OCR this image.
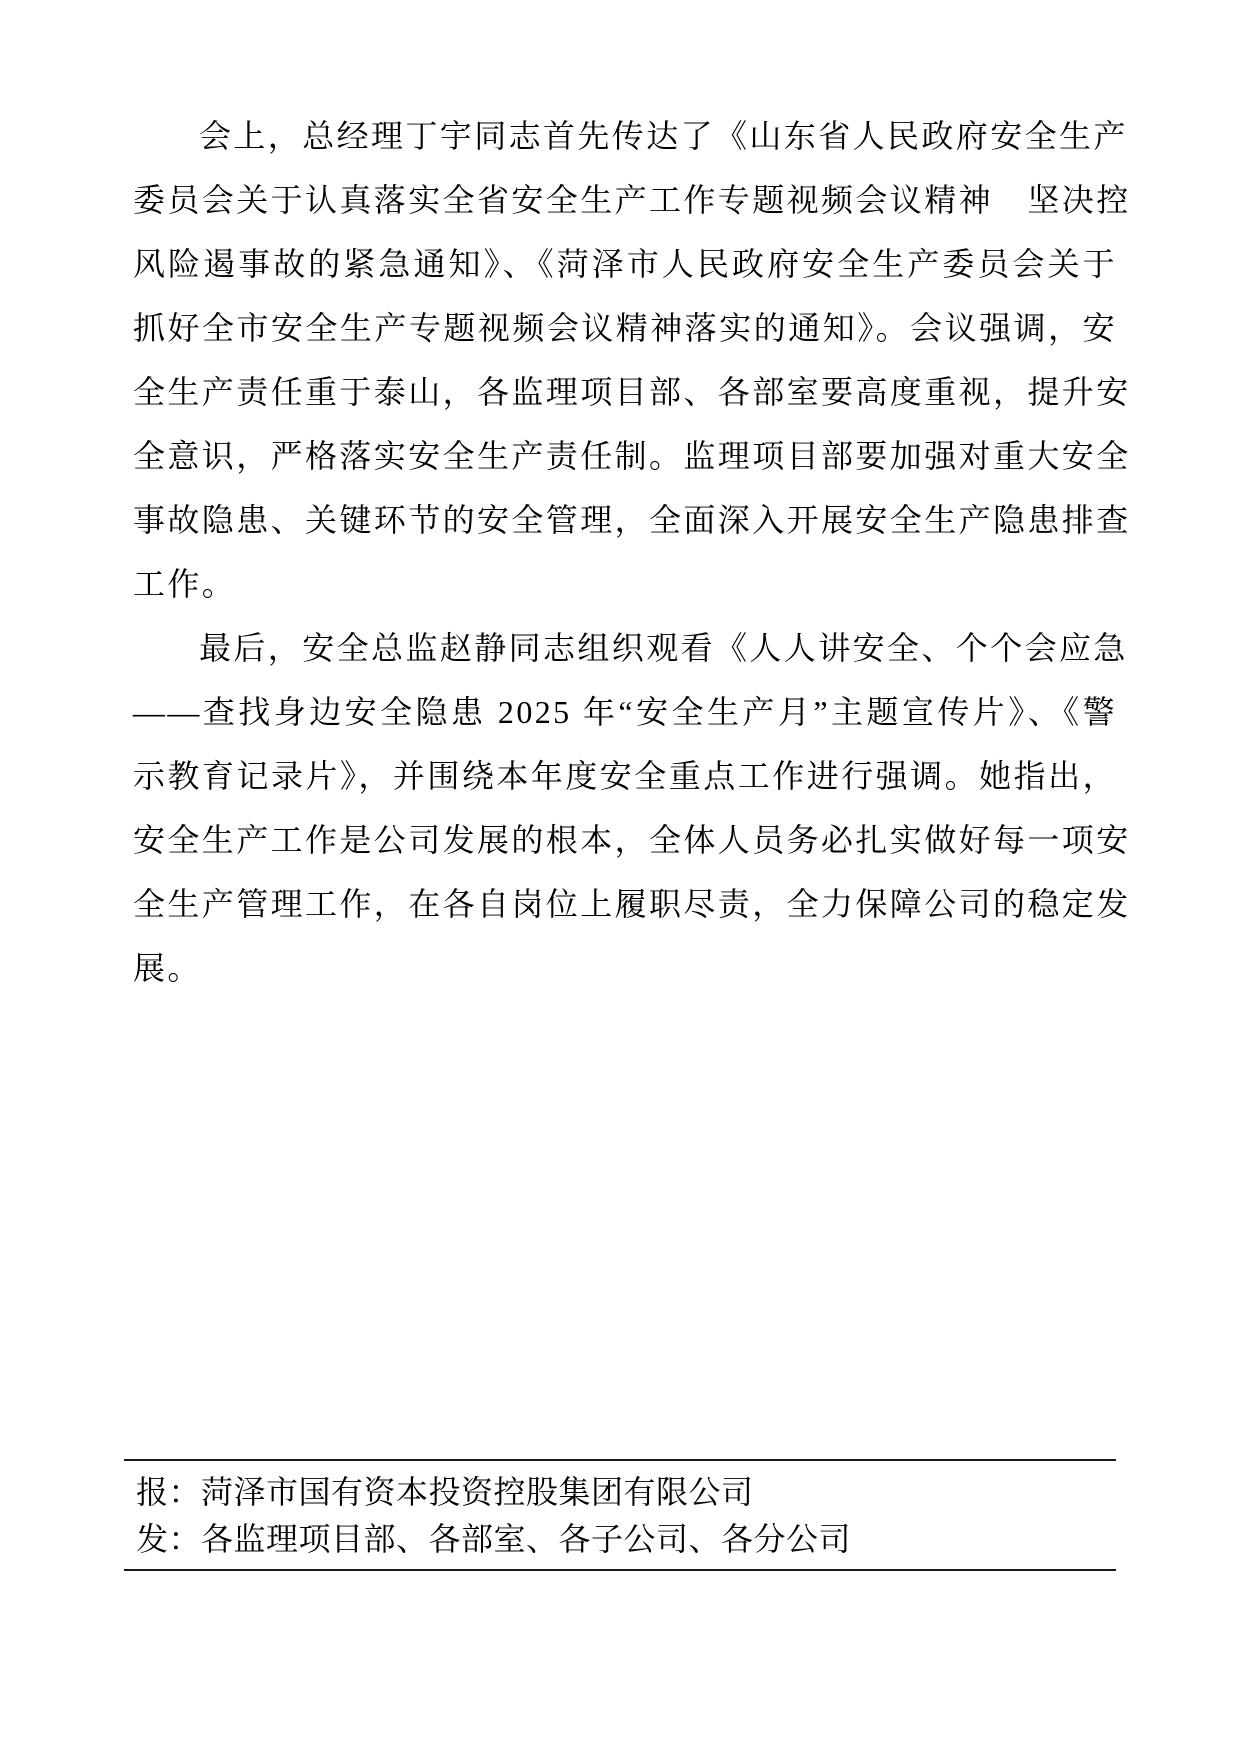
会上，总经理丁宇同志首先传达了《山东省人民政府安全生产
委员会关于认真落实全省安全生产工作专题视频会议精神　坚决控
风险遏事故的紧急通知》、《菏泽市人民政府安全生产委员会关于
抓好全市安全生产专题视频会议精神落实的通知》。会议强调，安
全生产责任重于泰山，各监理项目部、各部室要高度重视，提升安
全意识，严格落实安全生产责任制。监理项目部要加强对重大安全
事故隐患、关键环节的安全管理，全面深入开展安全生产隐患排查
工作。
最后，安全总监赵静同志组织观看《人人讲安全、个个会应急
——查找身边安全隐患 2025 年“安全生产月”主题宣传片》、《警
示教育记录片》，并围绕本年度安全重点工作进行强调。她指出，
安全生产工作是公司发展的根本，全体人员务必扎实做好每一项安
全生产管理工作，在各自岗位上履职尽责，全力保障公司的稳定发
展。
报：菏泽市国有资本投资控股集团有限公司
发：各监理项目部、各部室、各子公司、各分公司
